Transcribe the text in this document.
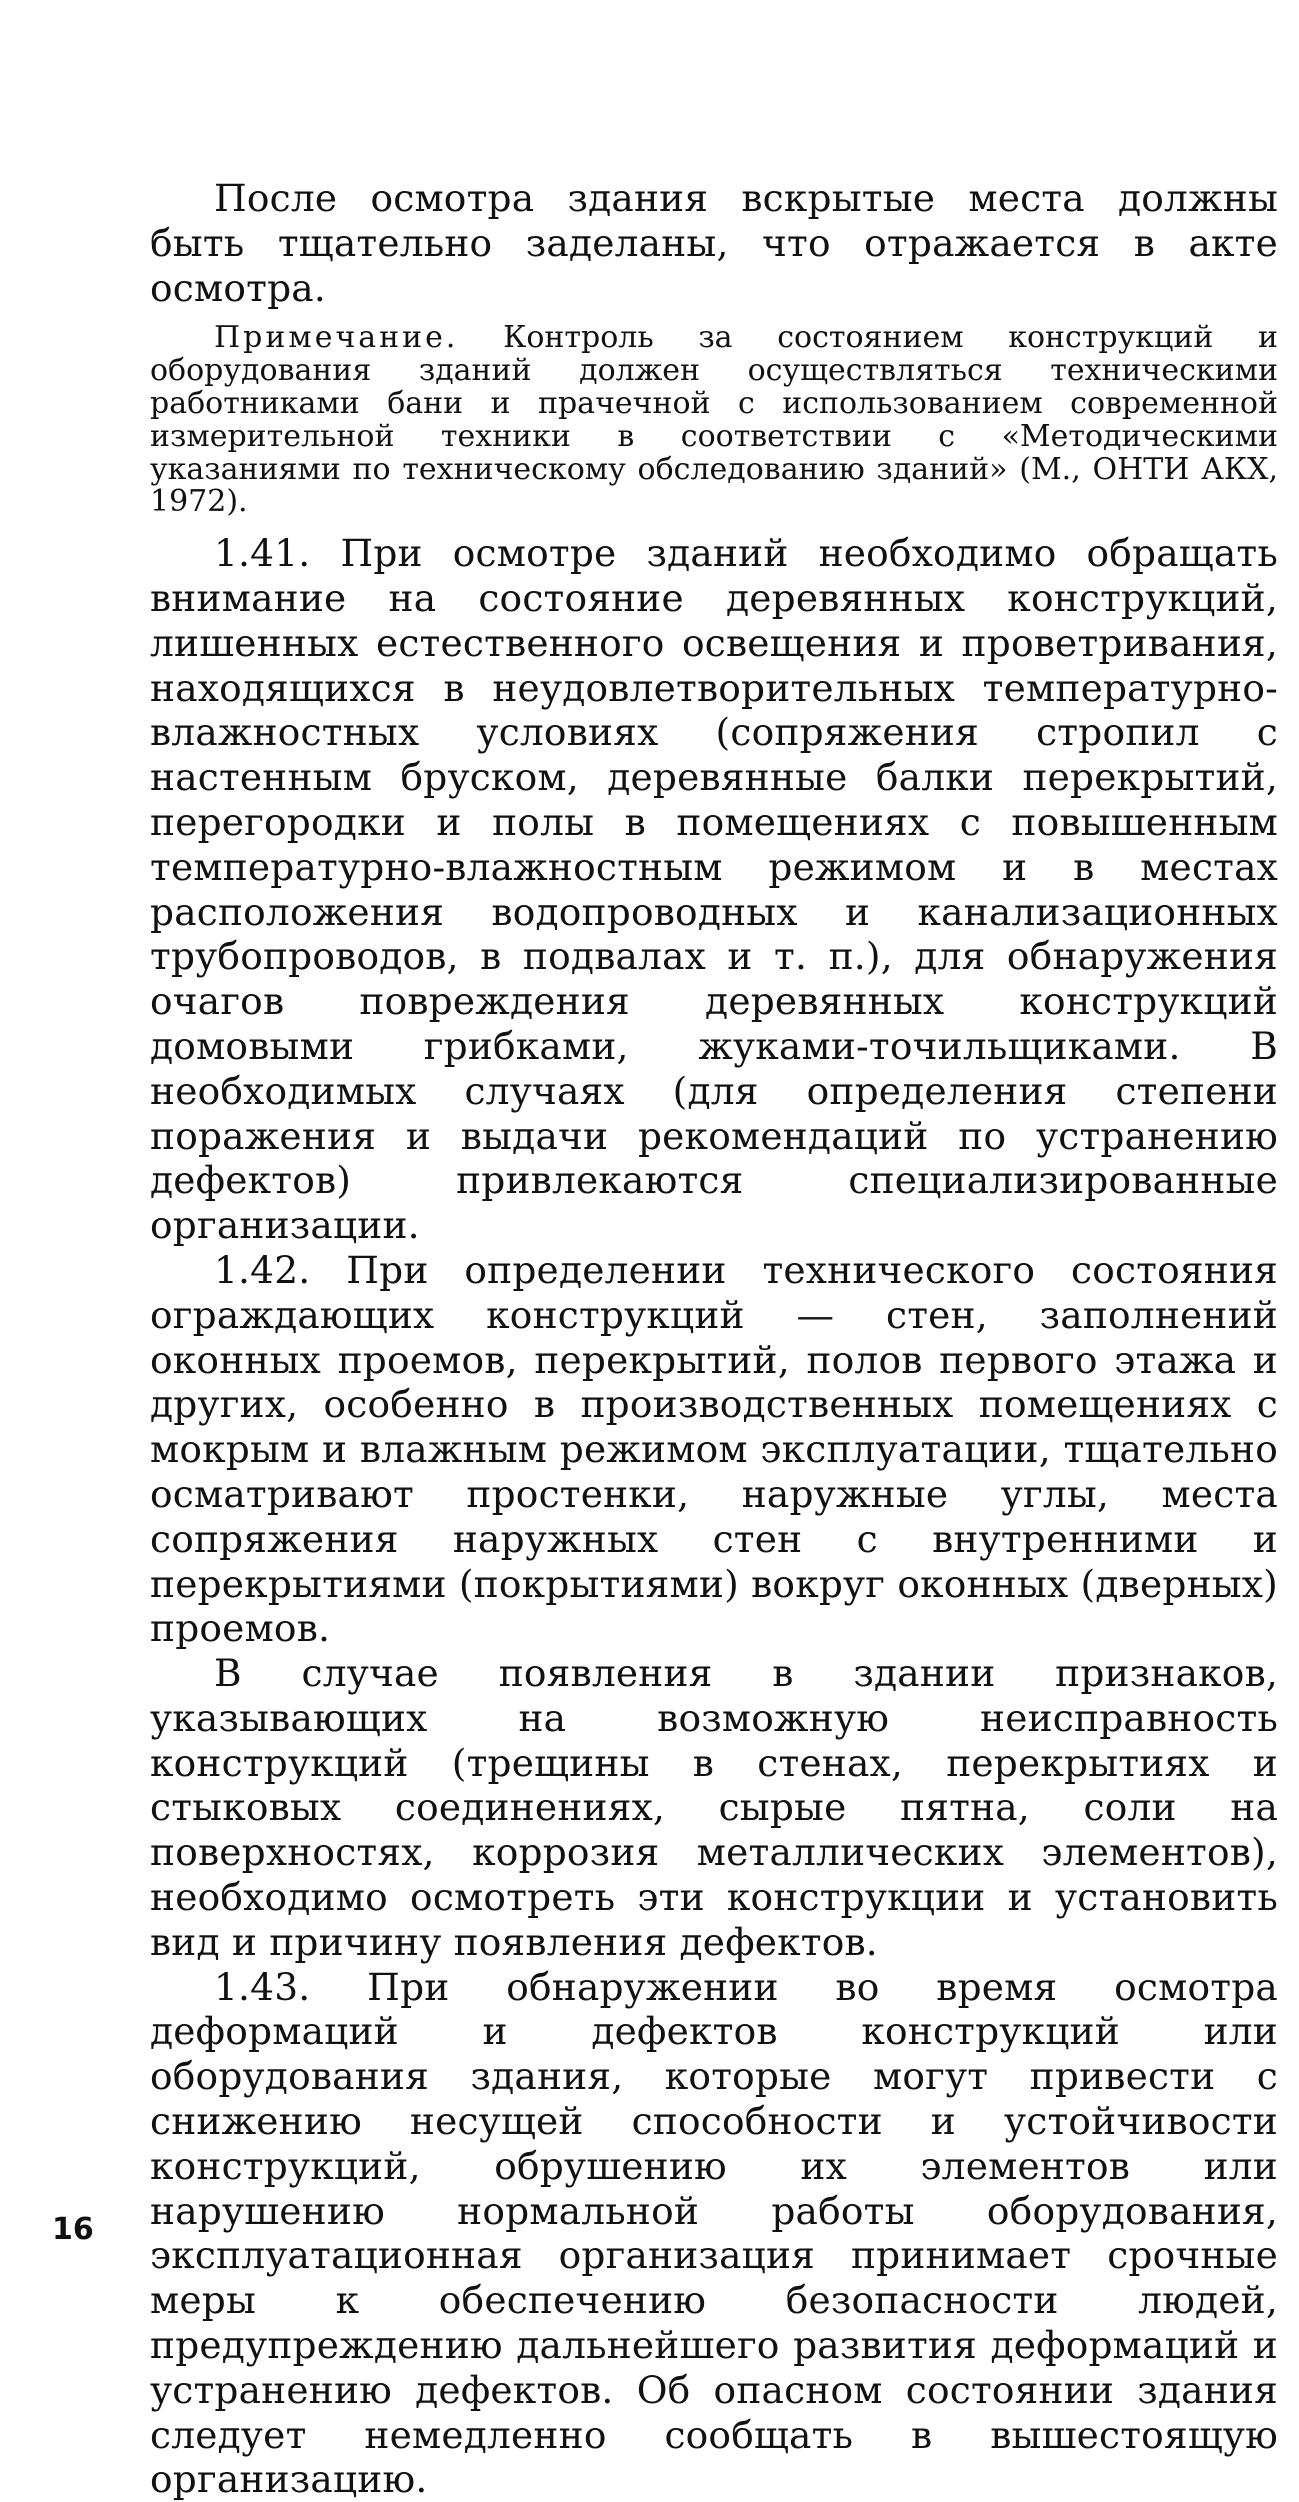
После осмотра здания вскрытые места должны быть тщательно заделаны, что отражается в акте осмотра.

Примечание. Контроль за состоянием конструкций и оборудования зданий должен осуществляться техническими работниками бани и прачечной с использованием современной измерительной техники в соответствии с «Методическими указаниями по техническому обследованию зданий» (М., ОНТИ АКХ, 1972).

1.41. При осмотре зданий необходимо обращать внимание на состояние деревянных конструкций, лишенных естественного освещения и проветривания, находящихся в неудовлетворительных температурно-влажностных условиях (сопряжения стропил с настенным бруском, деревянные балки перекрытий, перегородки и полы в помещениях с повышенным температурно-влажностным режимом и в местах расположения водопроводных и канализационных трубопроводов, в подвалах и т. п.), для обнаружения очагов повреждения деревянных конструкций домовыми грибками, жуками-точильщиками. В необходимых случаях (для определения степени поражения и выдачи рекомендаций по устранению дефектов) привлекаются специализированные организации.

1.42. При определении технического состояния ограждающих конструкций — стен, заполнений оконных проемов, перекрытий, полов первого этажа и других, особенно в производственных помещениях с мокрым и влажным режимом эксплуатации, тщательно осматривают простенки, наружные углы, места сопряжения наружных стен с внутренними и перекрытиями (покрытиями) вокруг оконных (дверных) проемов.

В случае появления в здании признаков, указывающих на возможную неисправность конструкций (трещины в стенах, перекрытиях и стыковых соединениях, сырые пятна, соли на поверхностях, коррозия металлических элементов), необходимо осмотреть эти конструкции и установить вид и причину появления дефектов.

1.43. При обнаружении во время осмотра деформаций и дефектов конструкций или оборудования здания, которые могут привести с снижению несущей способности и устойчивости конструкций, обрушению их элементов или нарушению нормальной работы оборудования, эксплуатационная организация принимает срочные меры к обеспечению безопасности людей, предупреждению дальнейшего развития деформаций и устранению дефектов. Об опасном состоянии здания следует немедленно сообщать в вышестоящую организацию.

16
